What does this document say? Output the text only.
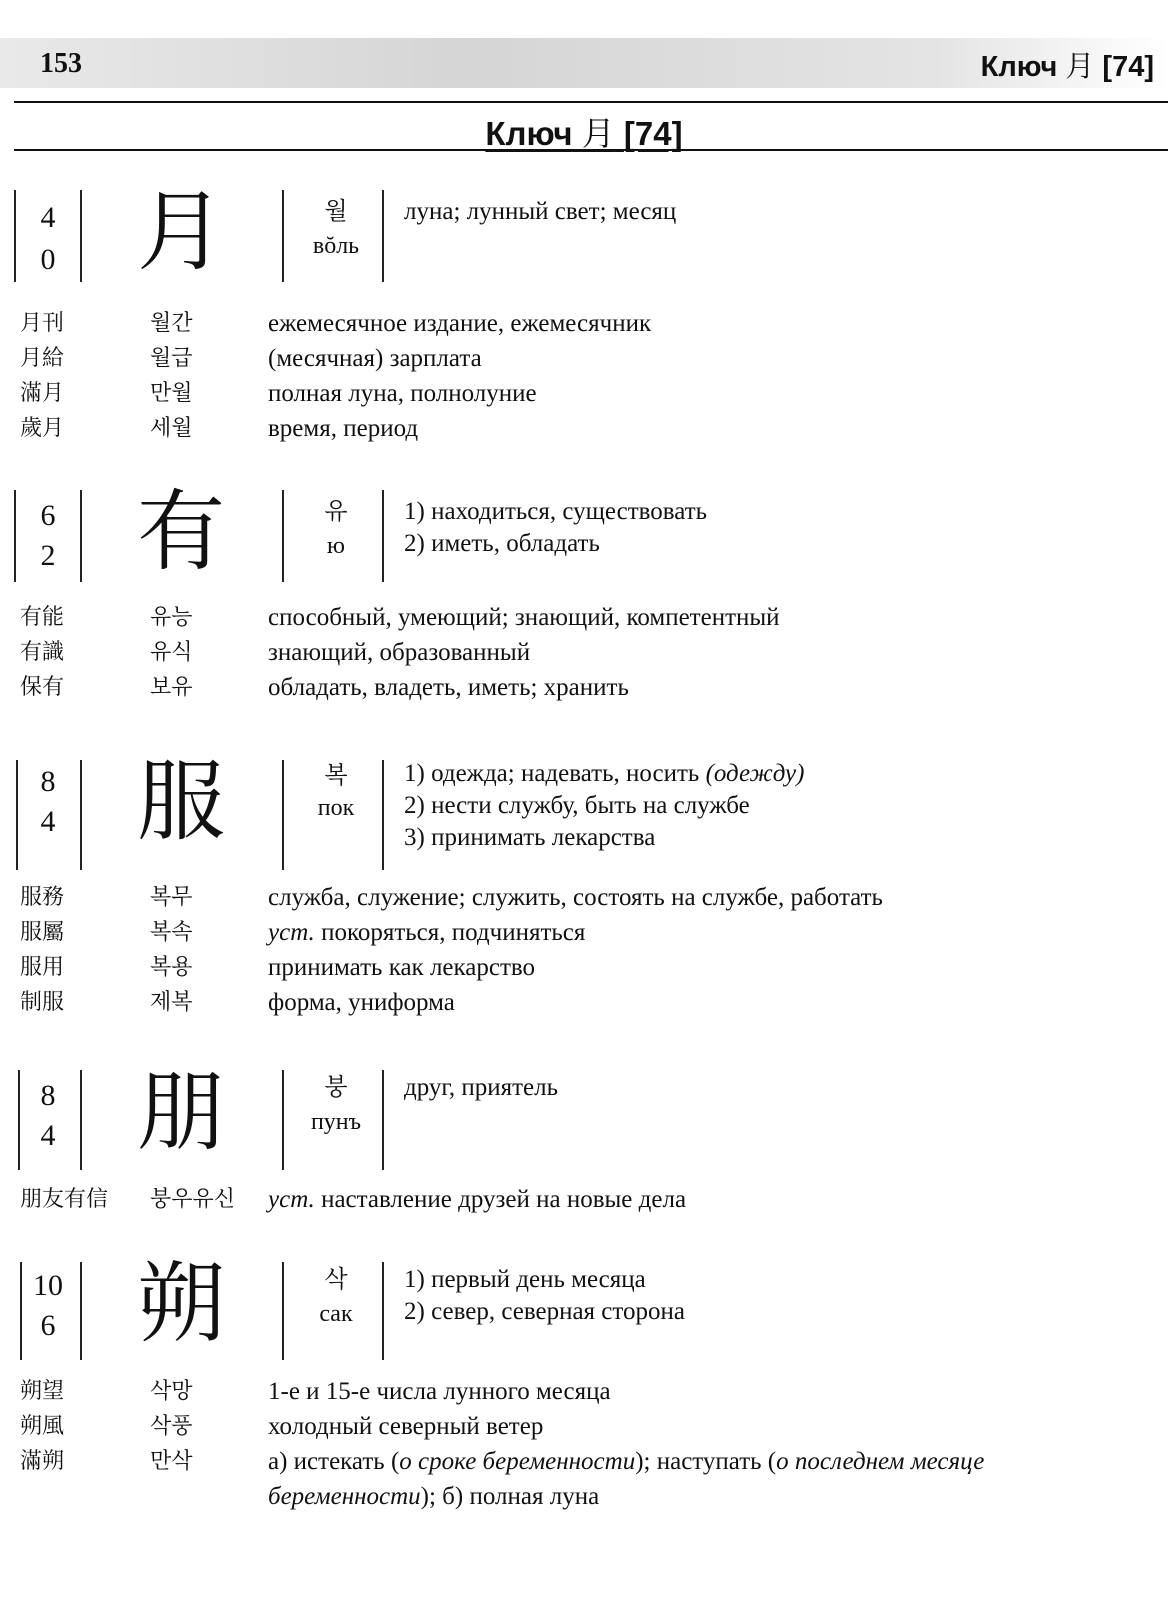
153	Ключ 月 [74]
Ключ 月 [74]
4
0 月	월
вŏль
луна; лунный свет; месяц
月刊	월간	ежемесячное издание, ежемесячник
月給	월급	(месячная) зарплата
滿月	만월	полная луна, полнолуние
歲月	세월	время, период
6
2 有	유
ю
1) находиться, существовать
2) иметь, обладать
有能	유능	способный, умеющий; знающий, компетентный
有識	유식	знающий, образованный
保有	보유	обладать, владеть, иметь; хранить
8
4 服	복
пок
1) одежда; надевать, носить (одежду)
2) нести службу, быть на службе
3) принимать лекарства
服務	복무	служба, служение; служить, состоять на службе, работать
服屬	복속	уст. покоряться, подчиняться
服用	복용	принимать как лекарство
制服	제복	форма, униформа
8
4 朋	붕
пунъ
друг, приятель
朋友有信	붕우유신	уст. наставление друзей на новые дела
10
6 朔	삭
сак
1) первый день месяца
2) север, северная сторона
朔望	삭망	1-е и 15-е числа лунного месяца
朔風	삭풍	холодный северный ветер
滿朔	만삭	а) истекать (о сроке беременности); наступать (о последнем месяце беременности); б) полная луна
